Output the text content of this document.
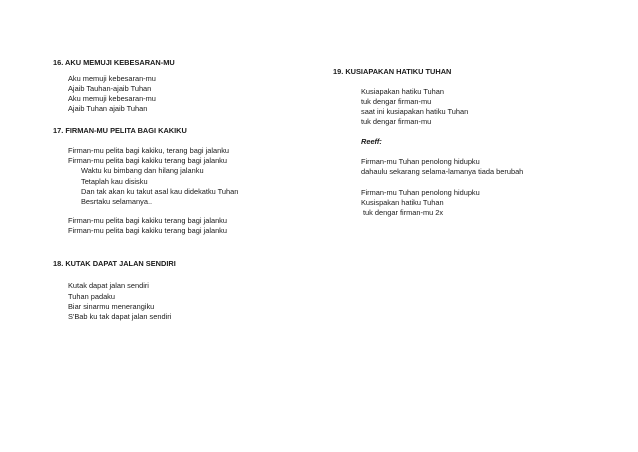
16. AKU MEMUJI KEBESARAN-MU
Aku memuji kebesaran-mu
Ajaib Tauhan-ajaib Tuhan
Aku memuji kebesaran-mu
Ajaib Tuhan ajaib Tuhan
17. FIRMAN-MU PELITA BAGI KAKIKU
Firman-mu pelita bagi kakiku, terang bagi jalanku
Firman-mu pelita bagi kakiku terang bagi jalanku
Waktu ku bimbang dan hilang jalanku
Tetaplah kau disisku
Dan tak akan ku takut asal kau didekatku Tuhan
Besrtaku selamanya..
Firman-mu pelita bagi kakiku terang bagi jalanku
Firman-mu pelita bagi kakiku terang bagi jalanku
18. KUTAK DAPAT JALAN SENDIRI
Kutak dapat jalan sendiri
Tuhan padaku
Biar sinarmu menerangiku
S'Bab ku tak dapat jalan sendiri
19. KUSIAPAKAN HATIKU TUHAN
Kusiapakan hatiku Tuhan
tuk dengar firman-mu
saat ini kusiapakan hatiku Tuhan
tuk dengar firman-mu
Reeff:
Firman-mu Tuhan penolong hidupku
dahaulu sekarang selama-lamanya tiada berubah
Firman-mu Tuhan penolong hidupku
Kusispakan hatiku Tuhan
tuk dengar firman-mu 2x
